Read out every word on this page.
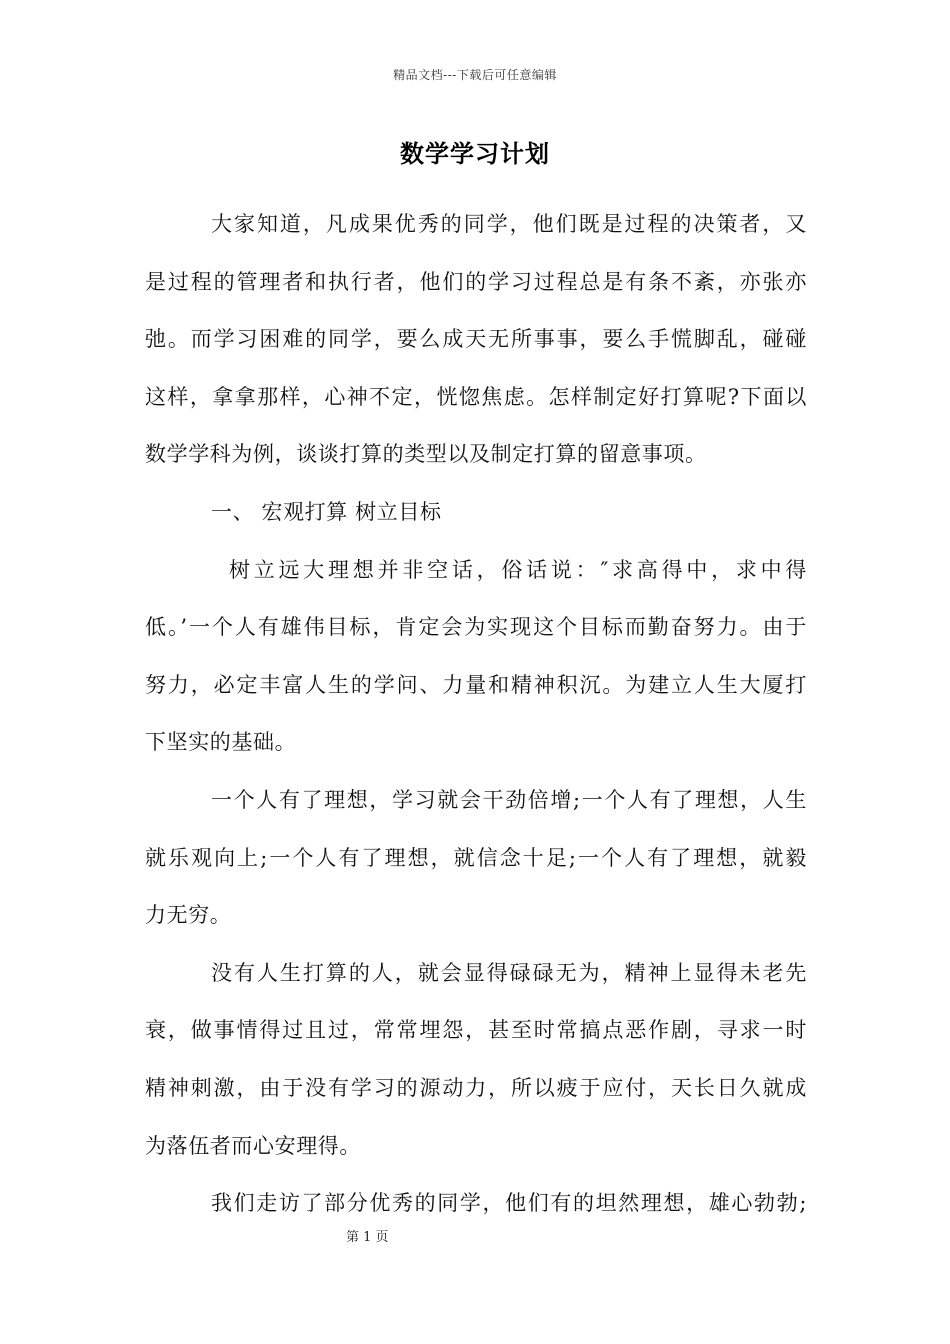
精品文档---下载后可任意编辑
数学学习计划
大家知道，凡成果优秀的同学，他们既是过程的决策者，又
是过程的管理者和执行者，他们的学习过程总是有条不紊，亦张亦
弛。而学习困难的同学，要么成天无所事事，要么手慌脚乱，碰碰
这样，拿拿那样，心神不定，恍惚焦虑。怎样制定好打算呢?下面以
数学学科为例，谈谈打算的类型以及制定打算的留意事项。
一、 宏观打算 树立目标
树立远大理想并非空话，俗话说：″求高得中，求中得
低。’一个人有雄伟目标，肯定会为实现这个目标而勤奋努力。由于
努力，必定丰富人生的学问、力量和精神积沉。为建立人生大厦打
下坚实的基础。
一个人有了理想，学习就会干劲倍增;一个人有了理想，人生
就乐观向上;一个人有了理想，就信念十足;一个人有了理想，就毅
力无穷。
没有人生打算的人，就会显得碌碌无为，精神上显得未老先
衰，做事情得过且过，常常埋怨，甚至时常搞点恶作剧，寻求一时
精神刺激，由于没有学习的源动力，所以疲于应付，天长日久就成
为落伍者而心安理得。
我们走访了部分优秀的同学，他们有的坦然理想，雄心勃勃;
第 1 页
